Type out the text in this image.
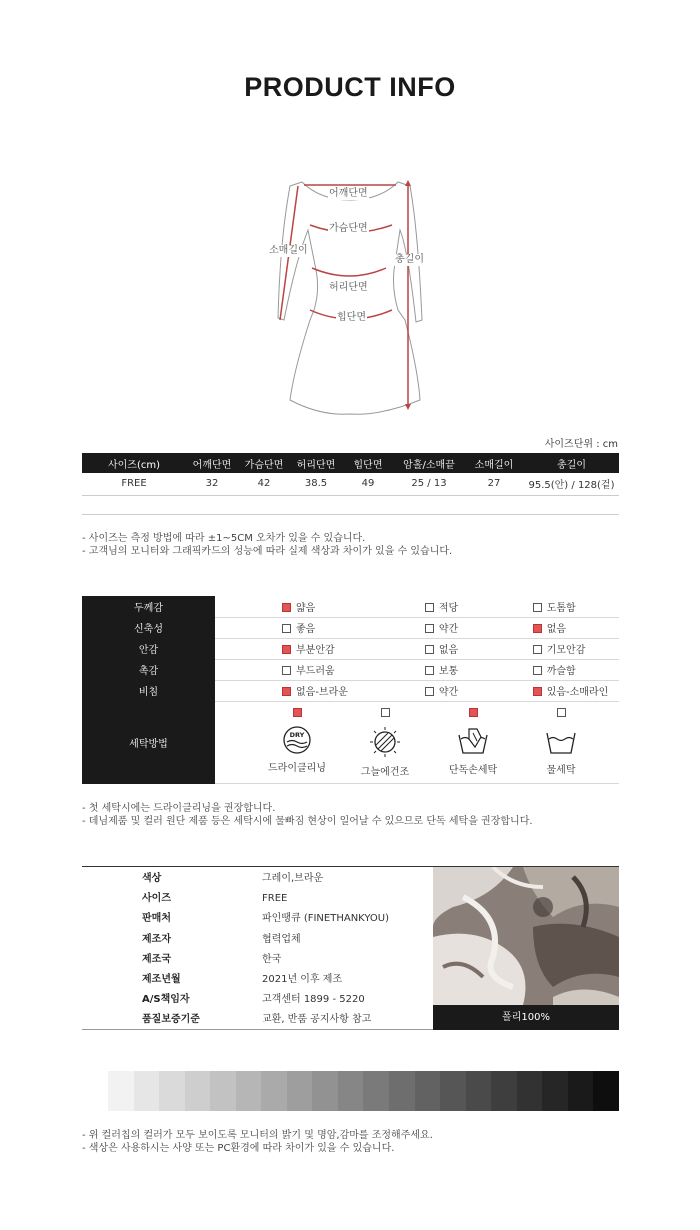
PRODUCT INFO
어깨단면
가슴단면
소매길이
총길이
허리단면
힙단면
사이즈단위 : cm
사이즈(cm)	어깨단면	가슴단면	허리단면	힙단면	암홀/소매끝	소매길이	총길이
FREE	32	42	38.5	49	25 / 13	27	95.5(안) / 128(겉)
- 사이즈는 측정 방법에 따라 ±1~5CM 오차가 있을 수 있습니다.
- 고객님의 모니터와 그래픽카드의 성능에 따라 실제 색상과 차이가 있을 수 있습니다.
두께감	얇음	적당	도톰함
신축성	좋음	약간	없음
안감	부분안감	없음	기모안감
촉감	부드러움	보통	까슬함
비침	없음-브라운	약간	있음-소매라인
세탁방법	DRY
드라이클리닝 그늘에건조 단독손세탁 물세탁		
- 첫 세탁시에는 드라이클리닝을 권장합니다.
- 데님제품 및 컬러 원단 제품 등은 세탁시에 물빠짐 현상이 일어날 수 있으므로 단독 세탁을 권장합니다.
색상	그레이,브라운
사이즈	FREE
판매처	파인땡큐 (FINETHANKYOU)
제조자	협력업체
제조국	한국
제조년월	2021년 이후 제조
A/S책임자	고객센터 1899 - 5220
품질보증기준	교환, 반품 공지사항 참고	폴리100%
- 위 컬러칩의 컬러가 모두 보이도록 모니터의 밝기 및 명암,감마를 조정해주세요.
- 색상은 사용하시는 사양 또는 PC환경에 따라 차이가 있을 수 있습니다.
